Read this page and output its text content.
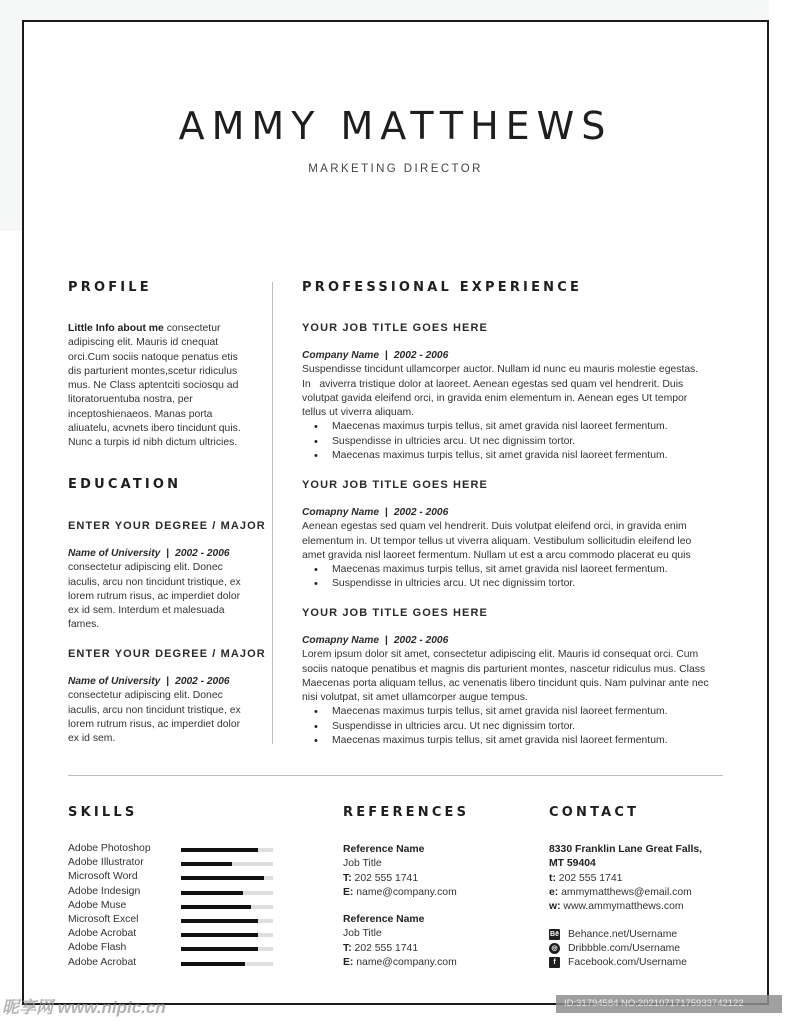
AMMY MATTHEWS
MARKETING DIRECTOR
PROFILE
Little Info about me consectetur
adipiscing elit. Mauris id cnequat
orci.Cum sociis natoque penatus etis
dis parturient montes,scetur ridiculus
mus. Ne Class aptentciti sociosqu ad
litoratoruentuba nostra, per
inceptoshienaeos. Manas porta
aliuatelu, acvnets ibero tincidunt quis.
Nunc a turpis id nibh dictum ultricies.
EDUCATION
ENTER YOUR DEGREE / MAJOR
Name of University | 2002 - 2006
consectetur adipiscing elit. Donec
iaculis, arcu non tincidunt tristique, ex
lorem rutrum risus, ac imperdiet dolor
ex id sem. Interdum et malesuada
fames.
ENTER YOUR DEGREE / MAJOR
Name of University | 2002 - 2006
consectetur adipiscing elit. Donec
iaculis, arcu non tincidunt tristique, ex
lorem rutrum risus, ac imperdiet dolor
ex id sem.
PROFESSIONAL EXPERIENCE
YOUR JOB TITLE GOES HERE
Company Name | 2002 - 2006
Suspendisse tincidunt ullamcorper auctor. Nullam id nunc eu mauris molestie egestas.
In   aviverra tristique dolor at laoreet. Aenean egestas sed quam vel hendrerit. Duis
volutpat gavida eleifend orci, in gravida enim elementum in. Aenean eges Ut tempor
tellus ut viverra aliquam.
• Maecenas maximus turpis tellus, sit amet gravida nisl laoreet fermentum.
• Suspendisse in ultricies arcu. Ut nec dignissim tortor.
• Maecenas maximus turpis tellus, sit amet gravida nisl laoreet fermentum.
YOUR JOB TITLE GOES HERE
Comapny Name | 2002 - 2006
Aenean egestas sed quam vel hendrerit. Duis volutpat eleifend orci, in gravida enim
elementum in. Ut tempor tellus ut viverra aliquam. Vestibulum sollicitudin eleifend leo
amet gravida nisl laoreet fermentum. Nullam ut est a arcu commodo placerat eu quis
• Maecenas maximus turpis tellus, sit amet gravida nisl laoreet fermentum.
• Suspendisse in ultricies arcu. Ut nec dignissim tortor.
YOUR JOB TITLE GOES HERE
Comapny Name | 2002 - 2006
Lorem ipsum dolor sit amet, consectetur adipiscing elit. Mauris id consequat orci. Cum
sociis natoque penatibus et magnis dis parturient montes, nascetur ridiculus mus. Class
Maecenas porta aliquam tellus, ac venenatis libero tincidunt quis. Nam pulvinar ante nec
nisi volutpat, sit amet ullamcorper augue tempus.
• Maecenas maximus turpis tellus, sit amet gravida nisl laoreet fermentum.
• Suspendisse in ultricies arcu. Ut nec dignissim tortor.
• Maecenas maximus turpis tellus, sit amet gravida nisl laoreet fermentum.
SKILLS
Adobe Photoshop
Adobe Illustrator
Microsoft Word
Adobe Indesign
Adobe Muse
Microsoft Excel
Adobe Acrobat
Adobe Flash
Adobe Acrobat
REFERENCES
Reference Name
Job Title
T: 202 555 1741
E: name@company.com
Reference Name
Job Title
T: 202 555 1741
E: name@company.com
CONTACT
8330 Franklin Lane Great Falls,
MT 59404
t: 202 555 1741
e: ammymatthews@email.com
w: www.ammymatthews.com
Bē Behance.net/Username
◎ Dribbble.com/Username
f Facebook.com/Username
昵享网 www.nipic.cn	ID:31794584 NO:20210717175933742122
